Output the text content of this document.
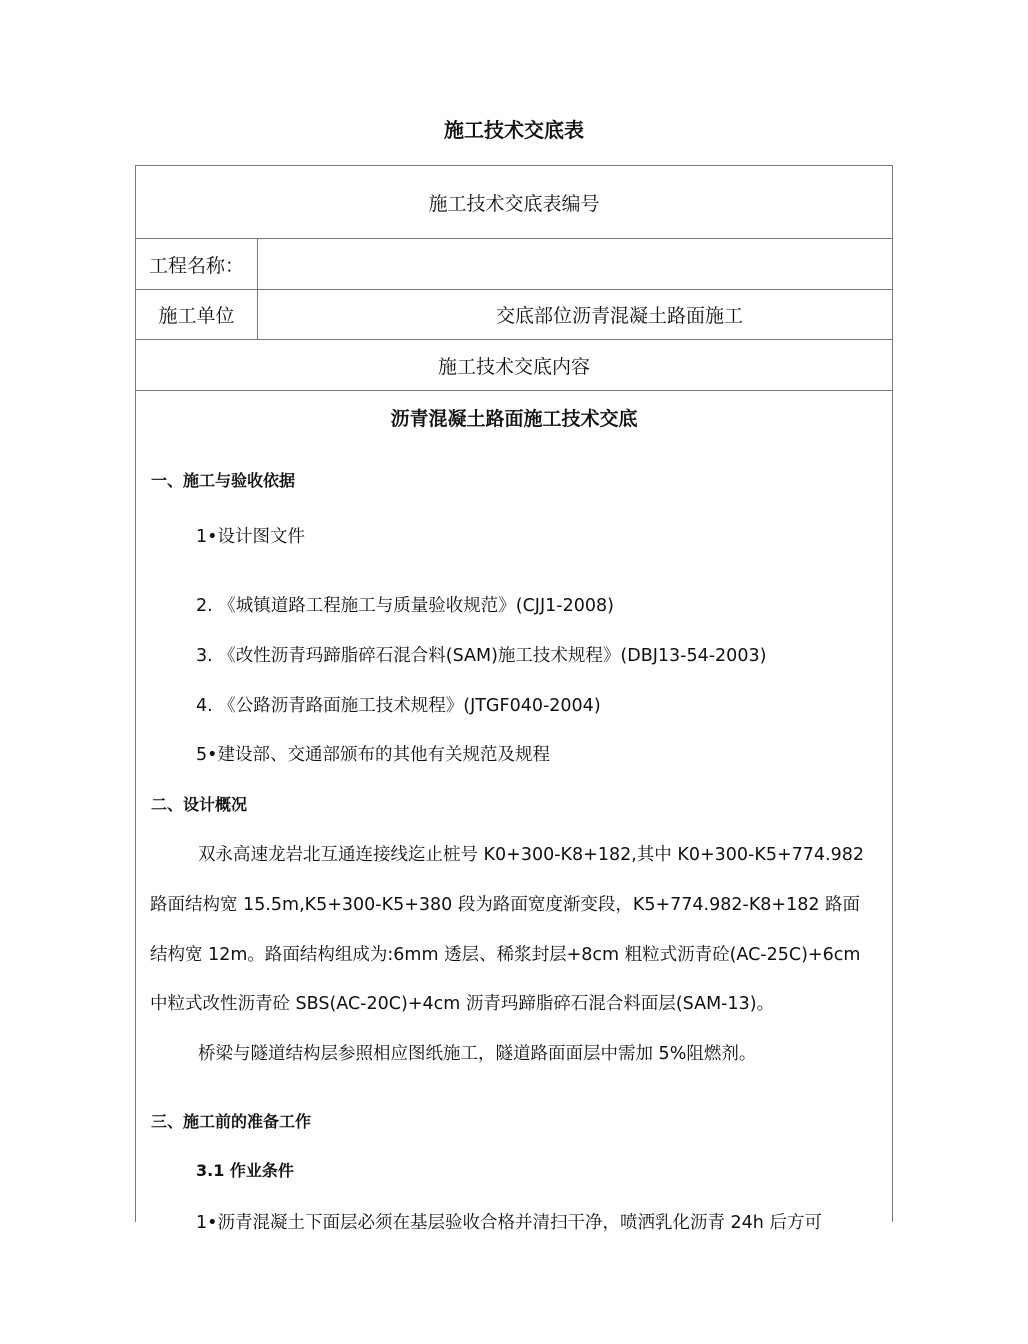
施工技术交底表
施工技术交底表编号
工程名称：
施工单位	交底部位沥青混凝土路面施工
施工技术交底内容
沥青混凝土路面施工技术交底
一、施工与验收依据
1•设计图文件
2. 《城镇道路工程施工与质量验收规范》(CJJ1-2008)
3. 《改性沥青玛蹄脂碎石混合料(SAM)施工技术规程》(DBJ13-54-2003)
4. 《公路沥青路面施工技术规程》(JTGF040-2004)
5•建设部、交通部颁布的其他有关规范及规程
二、设计概况
双永高速龙岩北互通连接线迄止桩号 K0+300-K8+182,其中 K0+300-K5+774.982
路面结构宽 15.5m,K5+300-K5+380 段为路面宽度渐变段，K5+774.982-K8+182 路面
结构宽 12m。路面结构组成为:6mm 透层、稀浆封层+8cm 粗粒式沥青砼(AC-25C)+6cm
中粒式改性沥青砼 SBS(AC-20C)+4cm 沥青玛蹄脂碎石混合料面层(SAM-13)。
桥梁与隧道结构层参照相应图纸施工，隧道路面面层中需加 5%阻燃剂。
三、施工前的准备工作
3.1 作业条件
1•沥青混凝土下面层必须在基层验收合格并清扫干净，喷洒乳化沥青 24h 后方可
